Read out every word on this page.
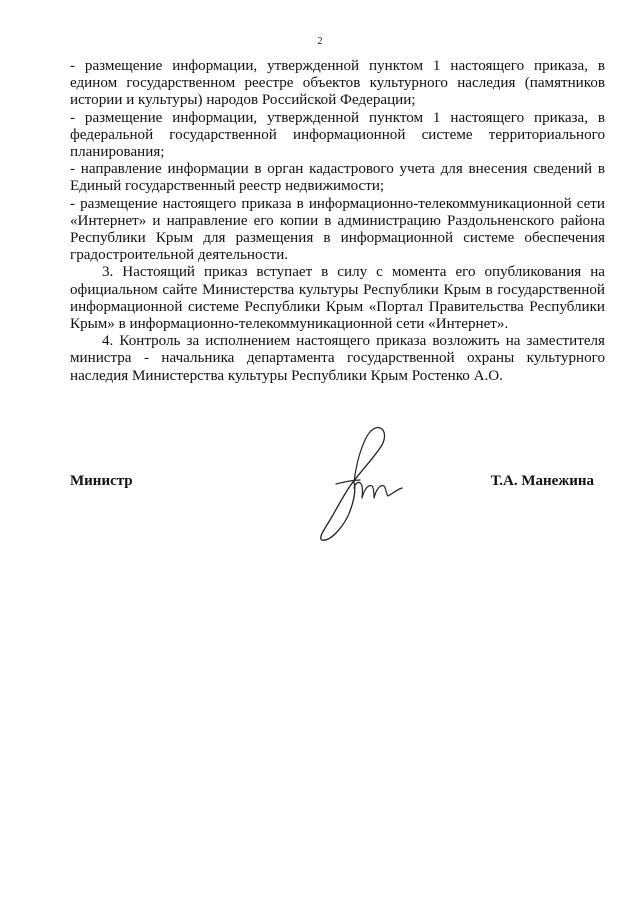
2

- размещение информации, утвержденной пунктом 1 настоящего приказа, в едином государственном реестре объектов культурного наследия (памятников истории и культуры) народов Российской Федерации;

- размещение информации, утвержденной пунктом 1 настоящего приказа, в федеральной государственной информационной системе территориального планирования;

- направление информации в орган кадастрового учета для внесения сведений в Единый государственный реестр недвижимости;

- размещение настоящего приказа в информационно-телекоммуникационной сети «Интернет» и направление его копии в администрацию Раздольненского района Республики Крым для размещения в информационной системе обеспечения градостроительной деятельности.

3. Настоящий приказ вступает в силу с момента его опубликования на официальном сайте Министерства культуры Республики Крым в государственной информационной системе Республики Крым «Портал Правительства Республики Крым» в информационно-телекоммуникационной сети «Интернет».

4. Контроль за исполнением настоящего приказа возложить на заместителя министра - начальника департамента государственной охраны культурного наследия Министерства культуры Республики Крым Ростенко А.О.

Министр	Т.А. Манежина
